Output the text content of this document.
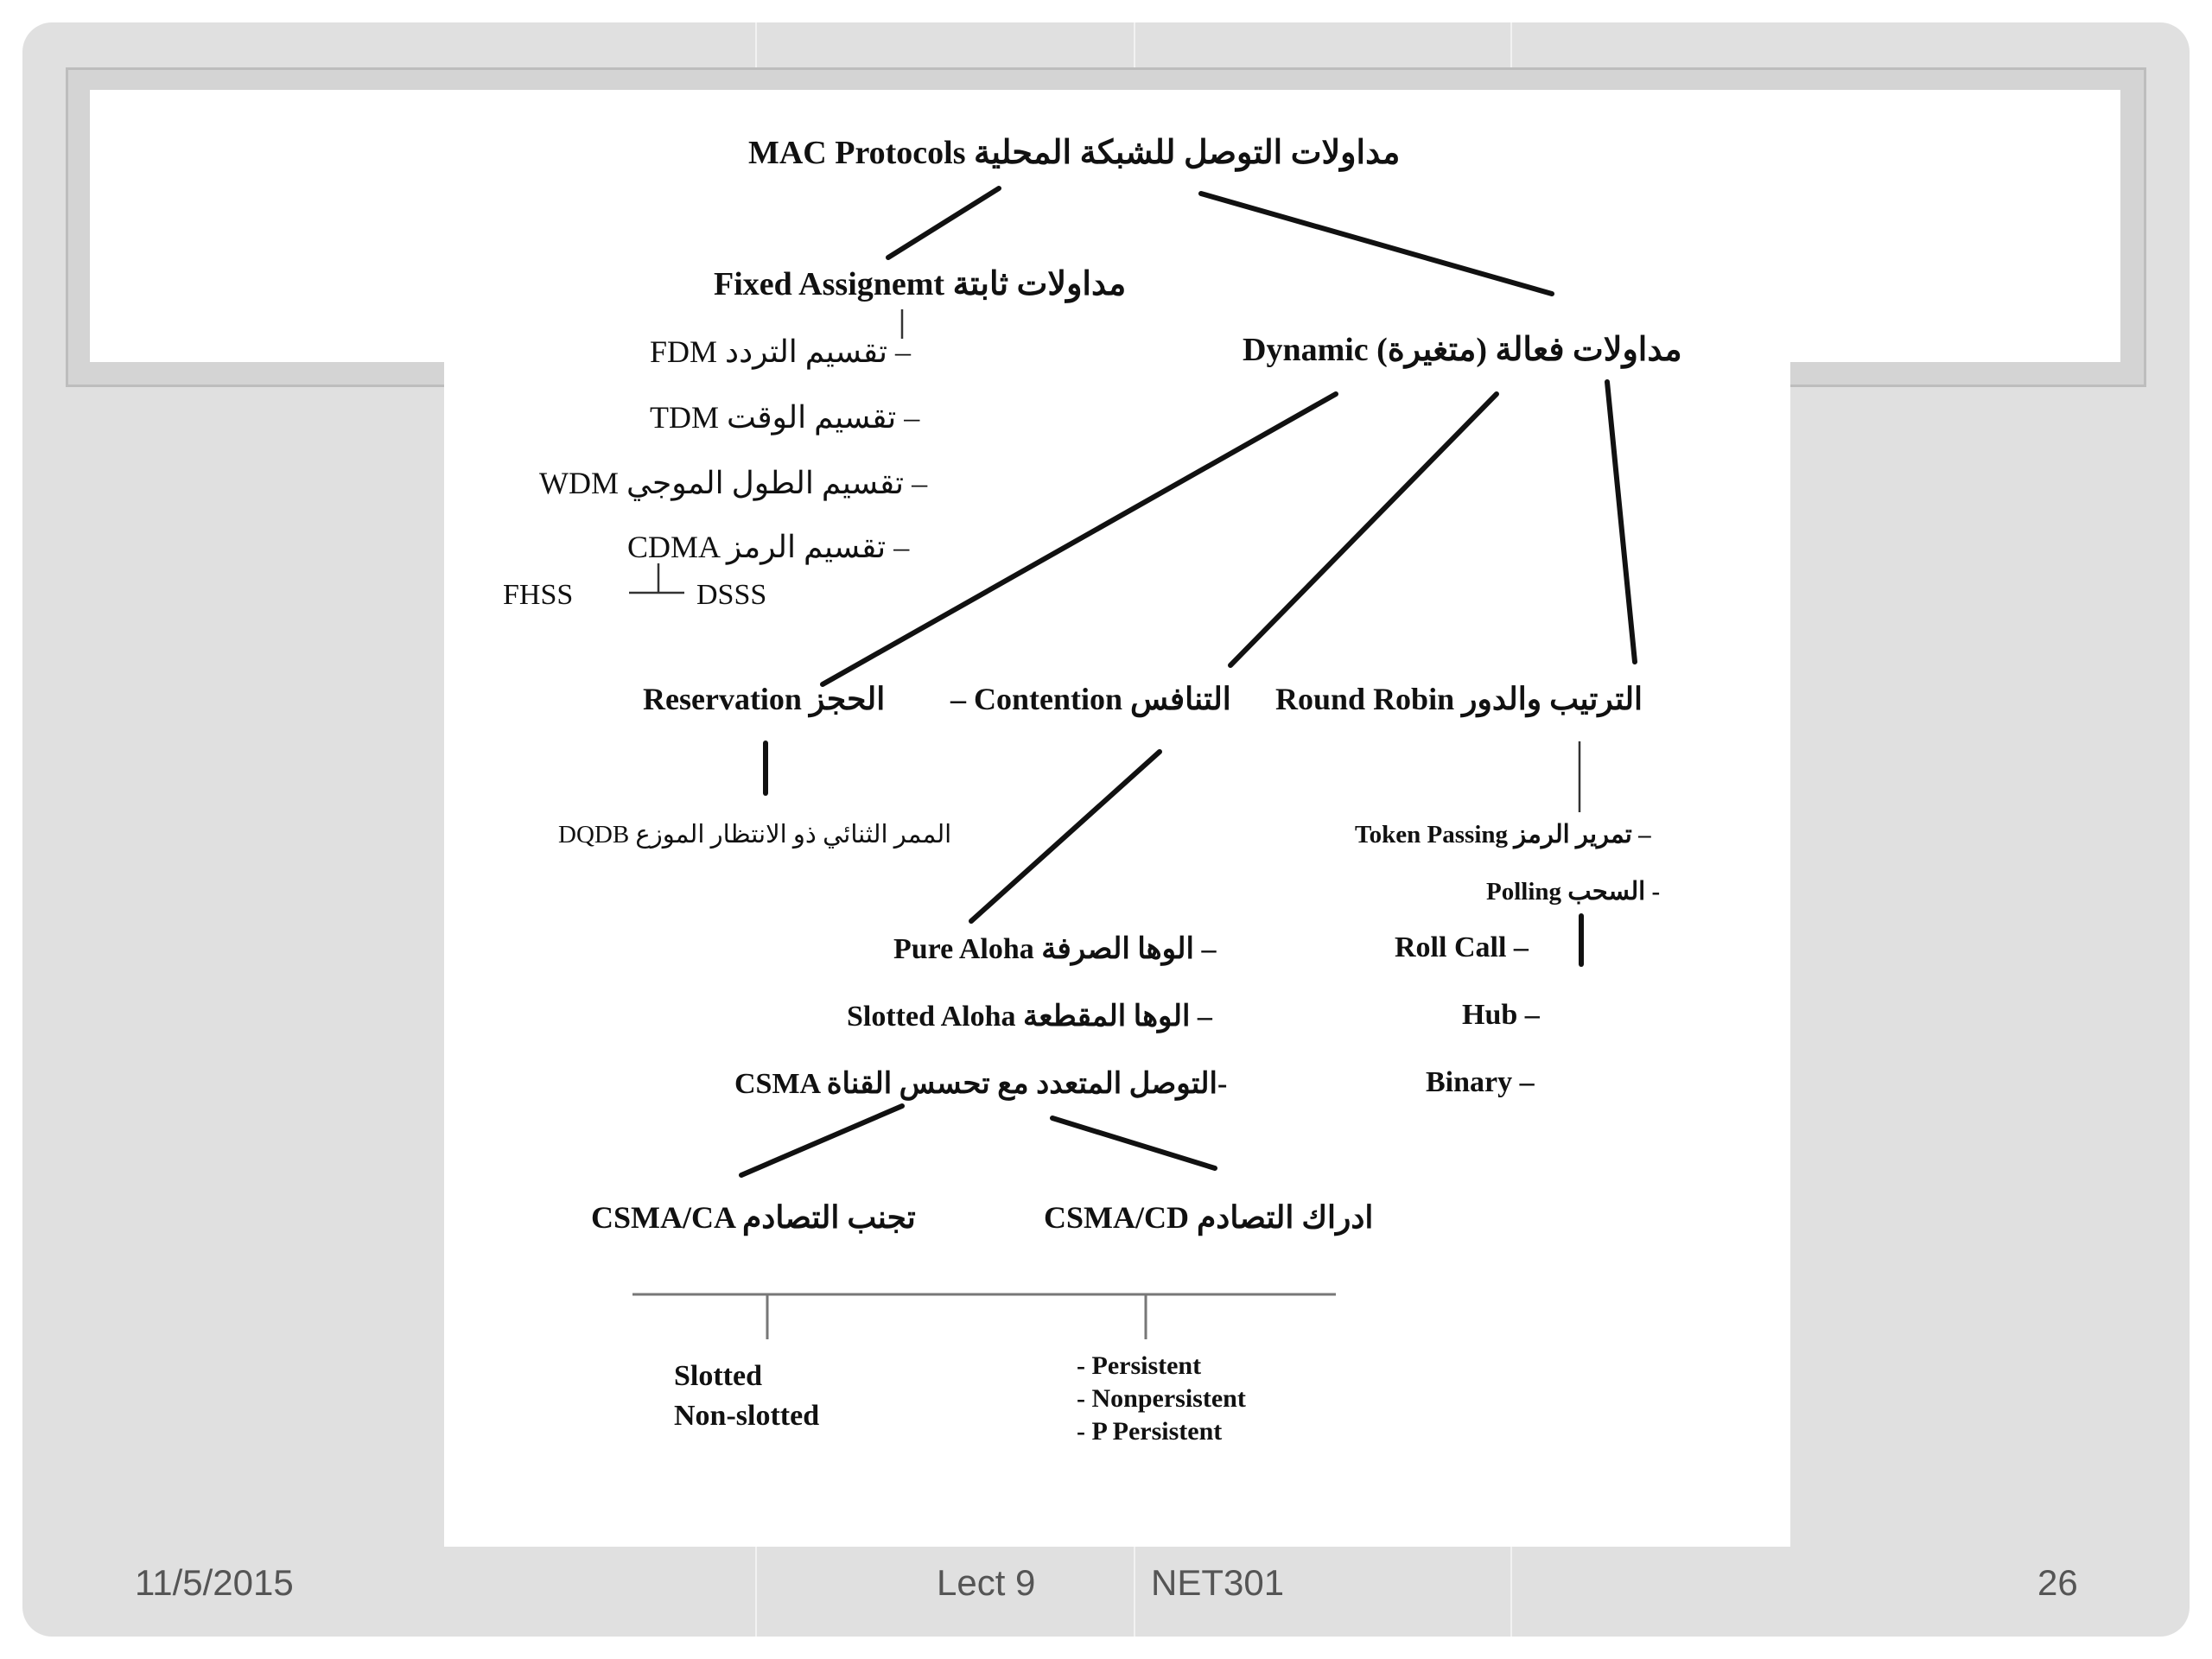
MAC Protocols مداولات التوصل للشبكة المحلية
Fixed Assignemt مداولات ثابتة
Dynamic (متغيرة) مداولات فعالة
FDM تقسيم التردد –
TDM تقسيم الوقت –
WDM تقسيم الطول الموجي –
CDMA تقسيم الرمز –
FHSS	DSSS
Reservation الحجز – Contention التنافس Round Robin الترتيب والدور
DQDB الممر الثنائي ذو الانتظار الموزع	Token Passing تمرير الرمز –
Polling السحب -
Roll Call –
Hub –
Binary –
Pure Aloha الوها الصرفة –
Slotted Aloha الوها المقطعة –
CSMA التوصل المتعدد مع تحسس القناة-
CSMA/CA تجنب التصادم	CSMA/CD ادراك التصادم
Slotted
Non-slotted
- Persistent
- Nonpersistent
- P Persistent
11/5/2015	Lect 9	NET301	26
